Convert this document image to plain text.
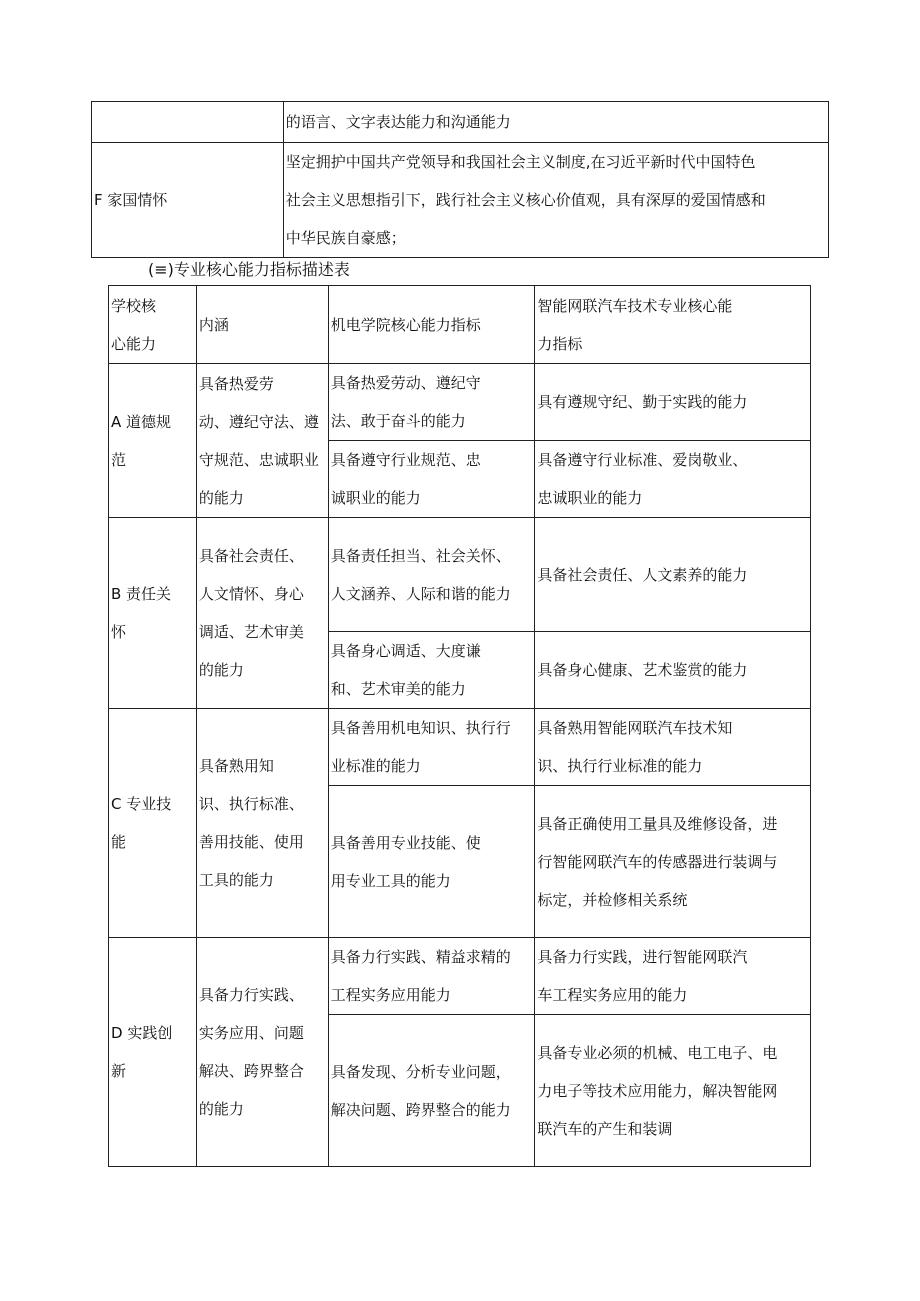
	的语言、文字表达能力和沟通能力

F 家国情怀	坚定拥护中国共产党领导和我国社会主义制度,在习近平新时代中国特色
社会主义思想指引下，践行社会主义核心价值观，具有深厚的爱国情感和
中华民族自豪感；
(≡)专业核心能力指标描述表
学校核
心能力	内涵	机电学院核心能力指标	智能网联汽车技术专业核心能
力指标

A 道德规
范	具备热爱劳
动、遵纪守法、遵
守规范、忠诚职业
的能力	具备热爱劳动、遵纪守
法、敢于奋斗的能力	具有遵规守纪、勤于实践的能力

		具备遵守行业规范、忠
诚职业的能力	具备遵守行业标准、爱岗敬业、
忠诚职业的能力

B 责任关
怀	具备社会责任、
人文情怀、身心
调适、艺术审美
的能力	具备责任担当、社会关怀、
人文涵养、人际和谐的能力	具备社会责任、人文素养的能力

		具备身心调适、大度谦
和、艺术审美的能力	具备身心健康、艺术鉴赏的能力

C 专业技
能	具备熟用知
识、执行标准、
善用技能、使用
工具的能力	具备善用机电知识、执行行
业标准的能力	具备熟用智能网联汽车技术知
识、执行行业标准的能力

		具备善用专业技能、使
用专业工具的能力	具备正确使用工量具及维修设备，进
行智能网联汽车的传感器进行装调与
标定，并检修相关系统

D 实践创
新	具备力行实践、
实务应用、问题
解决、跨界整合
的能力	具备力行实践、精益求精的
工程实务应用能力	具备力行实践，进行智能网联汽
车工程实务应用的能力

		具备发现、分析专业问题，
解决问题、跨界整合的能力	具备专业必须的机械、电工电子、电
力电子等技术应用能力，解决智能网
联汽车的产生和装调
